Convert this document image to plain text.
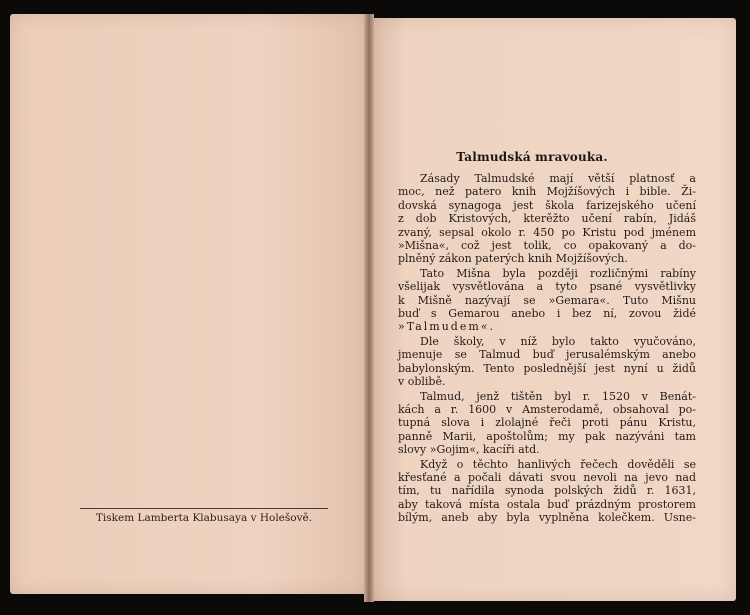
Tiskem Lamberta Klabusaya v Holešově.
Talmudská mravouka.
Zásady Talmudské mají větší platnosť a
moc, než patero knih Mojžíšových i bible. Ži-
dovská synagoga jest škola farizejského učení
z dob Kristových, kterěžto učení rabín, Jidáš
zvaný, sepsal okolo r. 450 po Kristu pod jménem
»Mišna«, což jest tolik, co opakovaný a do-
plněný zákon paterých knih Mojžíšových.
Tato Mišna byla později rozličnými rabíny
všelijak vysvětlována a tyto psané vysvětlivky
k Mišně nazývají se »Gemara«. Tuto Mišnu
buď s Gemarou anebo i bez ní, zovou židé
»Talmudem«.
Dle školy, v níž bylo takto vyučováno,
jmenuje se Talmud buď jerusalémským anebo
babylonským. Tento poslednější jest nyní u židů
v oblibě.
Talmud, jenž tištěn byl r. 1520 v Benát-
kách a r. 1600 v Amsterodamě, obsahoval po-
tupná slova i zlolajné řeči proti pánu Kristu,
panně Marii, apoštolům; my pak nazýváni tam
slovy »Gojim«, kacíři atd.
Když o těchto hanlivých řečech dověděli se
křesťané a počali dávati svou nevoli na jevo nad
tím, tu nařídila synoda polských židů r. 1631,
aby taková místa ostala buď prázdným prostorem
bílým, aneb aby byla vyplněna kolečkem. Usne-
